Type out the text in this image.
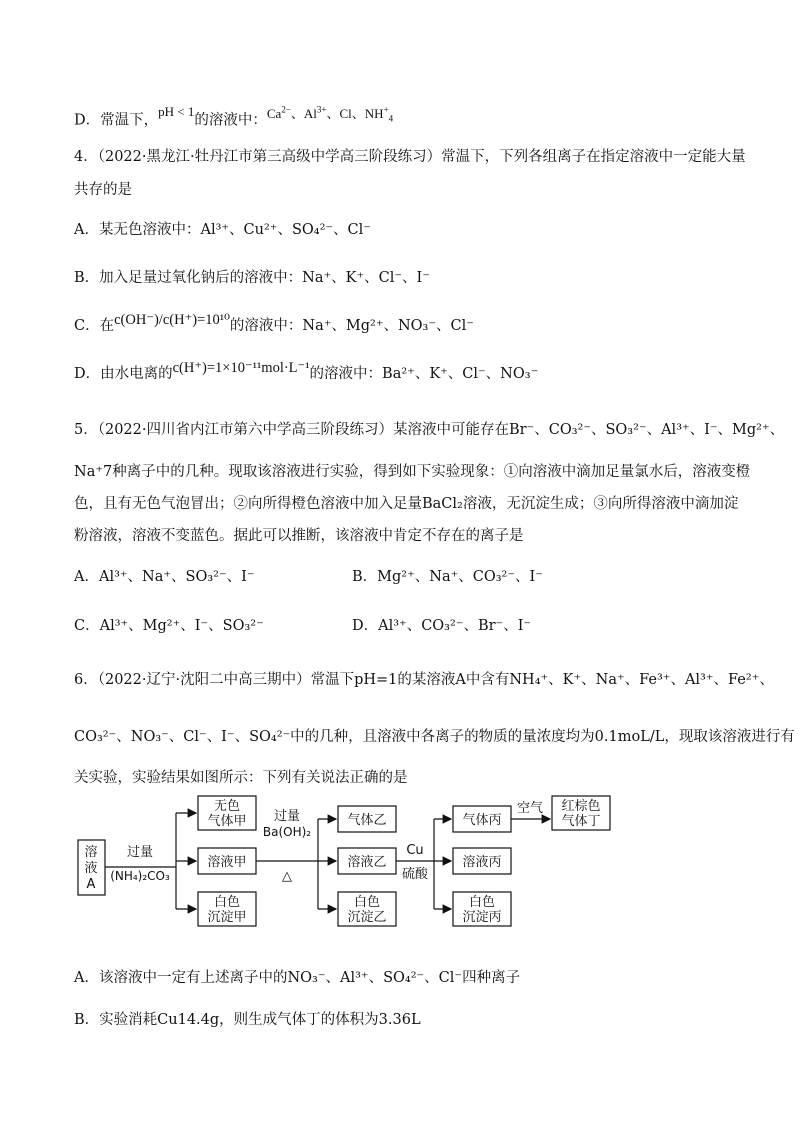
D．常温下，pH < 1的溶液中：$Ca^{2-}$、$Al^{3+}$、Cl、$NH^+_4$
4．（2022·黑龙江·牡丹江市第三高级中学高三阶段练习）常温下，下列各组离子在指定溶液中一定能大量
共存的是
A．某无色溶液中：Al³⁺、Cu²⁺、SO₄²⁻、Cl⁻
B．加入足量过氧化钠后的溶液中：Na⁺、K⁺、Cl⁻、I⁻
C．在c(OH⁻)/c(H⁺)=10¹⁰的溶液中：Na⁺、Mg²⁺、NO₃⁻、Cl⁻
D．由水电离的c(H⁺)=1×10⁻¹¹mol·L⁻¹的溶液中：Ba²⁺、K⁺、Cl⁻、NO₃⁻
5．（2022·四川省内江市第六中学高三阶段练习）某溶液中可能存在Br⁻、CO₃²⁻、SO₃²⁻、Al³⁺、I⁻、Mg²⁺、
Na⁺7种离子中的几种。现取该溶液进行实验，得到如下实验现象：①向溶液中滴加足量氯水后，溶液变橙
色，且有无色气泡冒出；②向所得橙色溶液中加入足量BaCl₂溶液，无沉淀生成；③向所得溶液中滴加淀
粉溶液，溶液不变蓝色。据此可以推断，该溶液中肯定不存在的离子是
A．Al³⁺、Na⁺、SO₃²⁻、I⁻	B．Mg²⁺、Na⁺、CO₃²⁻、I⁻
C．Al³⁺、Mg²⁺、I⁻、SO₃²⁻	D．Al³⁺、CO₃²⁻、Br⁻、I⁻
6．（2022·辽宁·沈阳二中高三期中）常温下pH=1的某溶液A中含有NH₄⁺、K⁺、Na⁺、Fe³⁺、Al³⁺、Fe²⁺、
CO₃²⁻、NO₃⁻、Cl⁻、I⁻、SO₄²⁻中的几种，且溶液中各离子的物质的量浓度均为0.1moL/L，现取该溶液进行有
关实验，实验结果如图所示：下列有关说法正确的是
溶
液
A
过量
(NH₄)₂CO₃
无色
气体甲
溶液甲
白色
沉淀甲
过量
Ba(OH)₂
△
气体乙
溶液乙
白色
沉淀乙
Cu
硫酸
气体丙
溶液丙
白色
沉淀丙
空气 红棕色
气体丁
A．该溶液中一定有上述离子中的NO₃⁻、Al³⁺、SO₄²⁻、Cl⁻四种离子
B．实验消耗Cu14.4g，则生成气体丁的体积为3.36L
